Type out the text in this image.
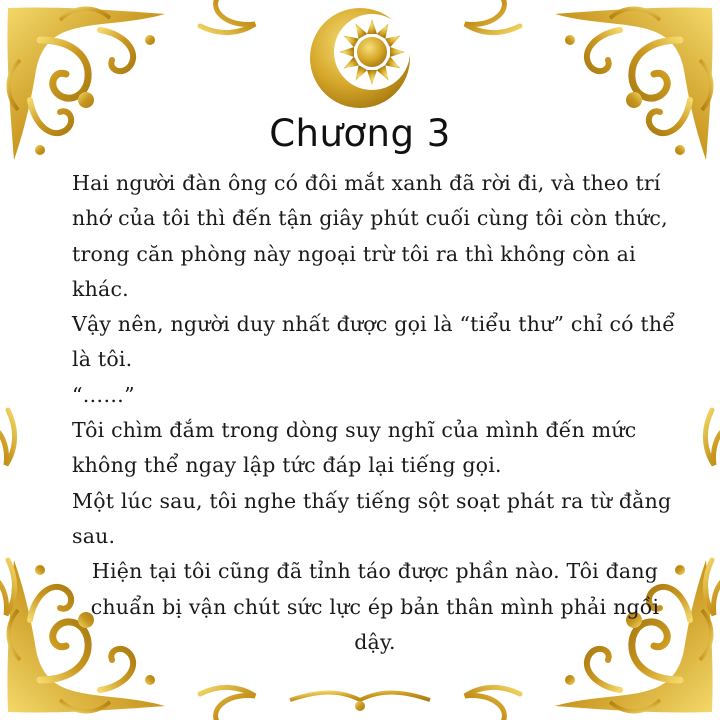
Chương 3

Hai người đàn ông có đôi mắt xanh đã rời đi, và theo trí nhớ của tôi thì đến tận giây phút cuối cùng tôi còn thức, trong căn phòng này ngoại trừ tôi ra thì không còn ai khác.

Vậy nên, người duy nhất được gọi là “tiểu thư” chỉ có thể là tôi.

“……”

Tôi chìm đắm trong dòng suy nghĩ của mình đến mức không thể ngay lập tức đáp lại tiếng gọi.

Một lúc sau, tôi nghe thấy tiếng sột soạt phát ra từ đằng sau.

Hiện tại tôi cũng đã tỉnh táo được phần nào. Tôi đang chuẩn bị vận chút sức lực ép bản thân mình phải ngồi dậy.
